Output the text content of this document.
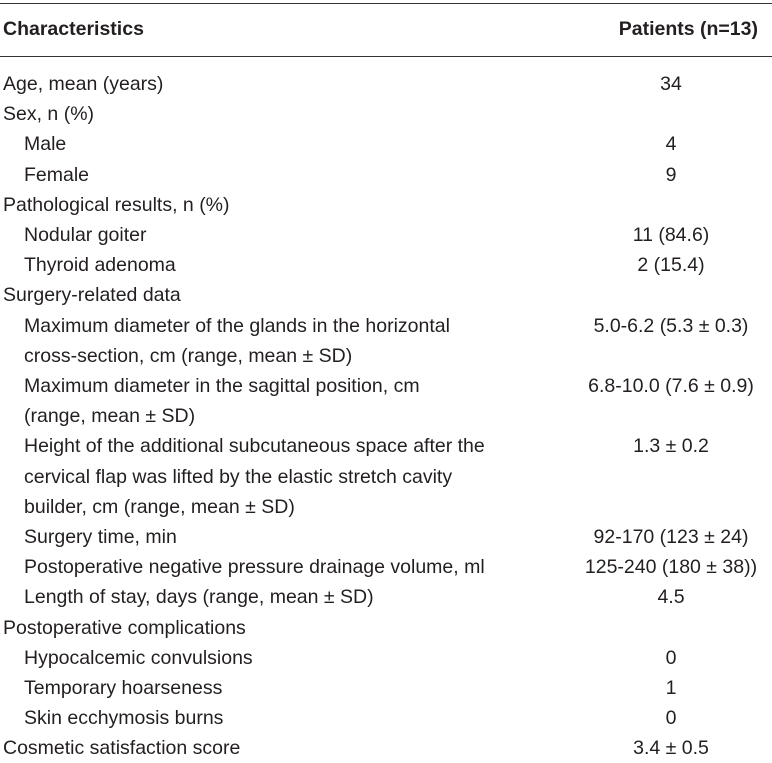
Characteristics	Patients (n=13)
Age, mean (years)	34
Sex, n (%)
Male	4
Female	9
Pathological results, n (%)
Nodular goiter	11 (84.6)
Thyroid adenoma	2 (15.4)
Surgery-related data
Maximum diameter of the glands in the horizontal	5.0-6.2 (5.3 ± 0.3)
cross-section, cm (range, mean ± SD)
Maximum diameter in the sagittal position, cm	6.8-10.0 (7.6 ± 0.9)
(range, mean ± SD)
Height of the additional subcutaneous space after the	1.3 ± 0.2
cervical flap was lifted by the elastic stretch cavity
builder, cm (range, mean ± SD)
Surgery time, min	92-170 (123 ± 24)
Postoperative negative pressure drainage volume, ml	125-240 (180 ± 38))
Length of stay, days (range, mean ± SD)	4.5
Postoperative complications
Hypocalcemic convulsions	0
Temporary hoarseness	1
Skin ecchymosis burns	0
Cosmetic satisfaction score	3.4 ± 0.5
